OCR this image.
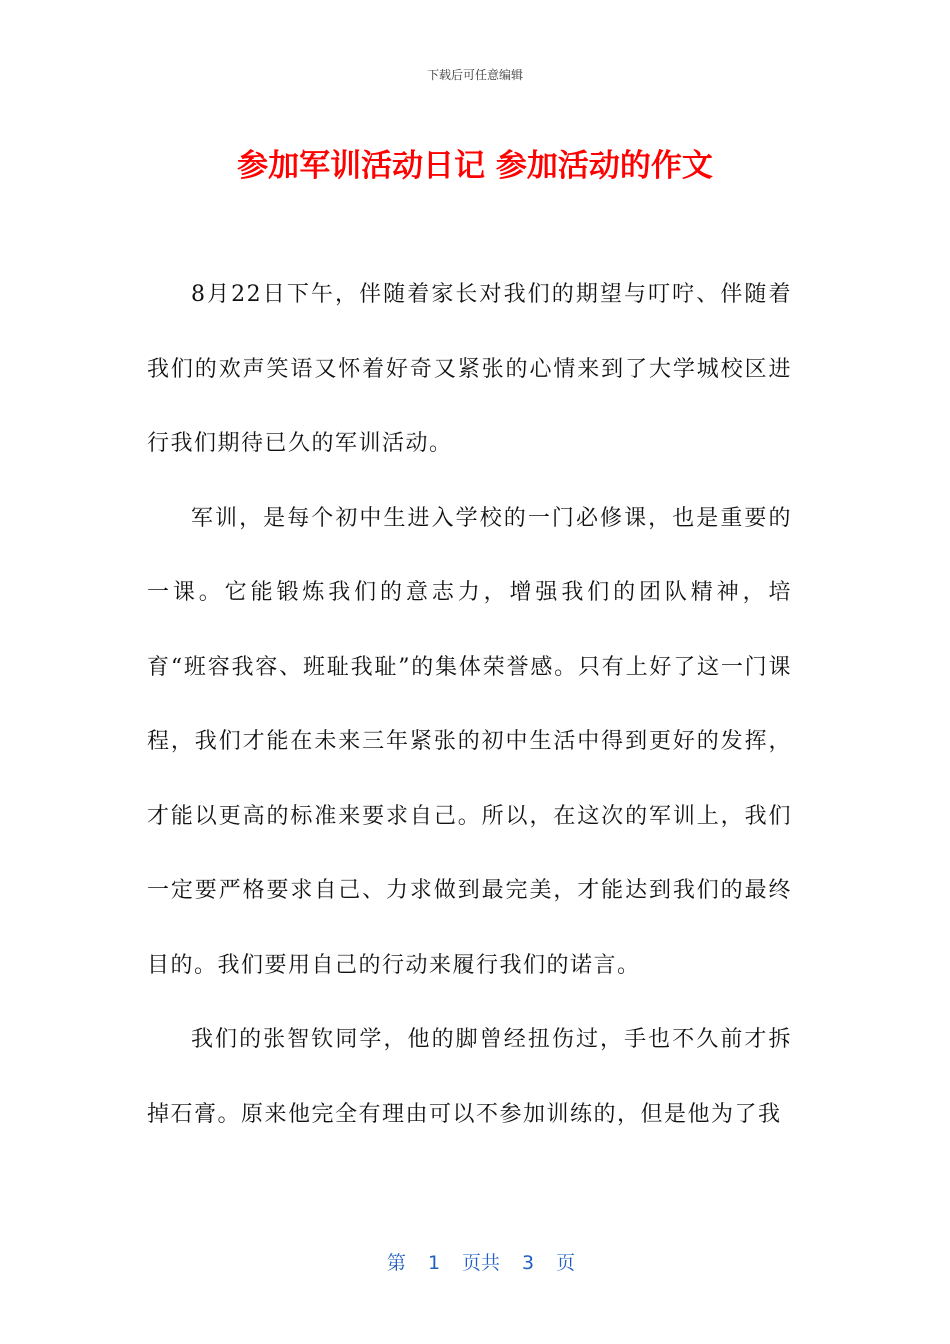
下载后可任意编辑
参加军训活动日记 参加活动的作文

8月22日下午，伴随着家长对我们的期望与叮咛、伴随着我们的欢声笑语又怀着好奇又紧张的心情来到了大学城校区进行我们期待已久的军训活动。

军训，是每个初中生进入学校的一门必修课，也是重要的一课。它能锻炼我们的意志力，增强我们的团队精神，培育“班容我容、班耻我耻”的集体荣誉感。只有上好了这一门课程，我们才能在未来三年紧张的初中生活中得到更好的发挥，才能以更高的标准来要求自己。所以，在这次的军训上，我们一定要严格要求自己、力求做到最完美，才能达到我们的最终目的。我们要用自己的行动来履行我们的诺言。

我们的张智钦同学，他的脚曾经扭伤过，手也不久前才拆掉石膏。原来他完全有理由可以不参加训练的，但是他为了我

第 1 页共 3 页
